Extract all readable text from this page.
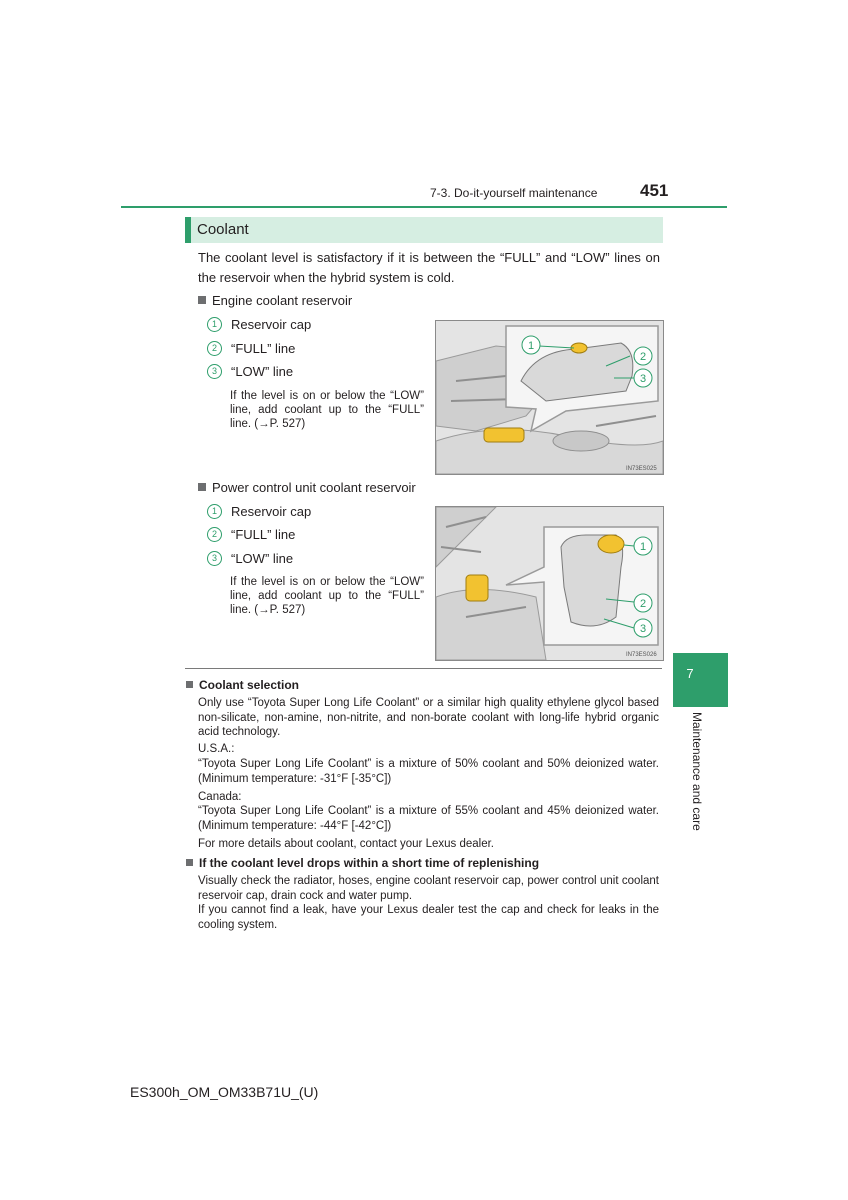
7-3. Do-it-yourself maintenance	451
Coolant
The coolant level is satisfactory if it is between the “FULL” and “LOW” lines on the reservoir when the hybrid system is cold.
Engine coolant reservoir
1	Reservoir cap
2	“FULL” line
3	“LOW” line
If the level is on or below the “LOW” line, add coolant up to the “FULL” line. (→P. 527)
1
2
3
IN73ES025
Power control unit coolant reservoir
1	Reservoir cap
2	“FULL” line
3	“LOW” line
If the level is on or below the “LOW” line, add coolant up to the “FULL” line. (→P. 527)
1
2
3
IN73ES026
7
Maintenance and care
Coolant selection
Only use “Toyota Super Long Life Coolant” or a similar high quality ethylene glycol based non-silicate, non-amine, non-nitrite, and non-borate coolant with long-life hybrid organic acid technology.
U.S.A.:
“Toyota Super Long Life Coolant” is a mixture of 50% coolant and 50% deionized water. (Minimum temperature: -31°F [-35°C])
Canada:
“Toyota Super Long Life Coolant” is a mixture of 55% coolant and 45% deionized water. (Minimum temperature: -44°F [-42°C])
For more details about coolant, contact your Lexus dealer.
If the coolant level drops within a short time of replenishing
Visually check the radiator, hoses, engine coolant reservoir cap, power control unit coolant reservoir cap, drain cock and water pump.
If you cannot find a leak, have your Lexus dealer test the cap and check for leaks in the cooling system.
ES300h_OM_OM33B71U_(U)
